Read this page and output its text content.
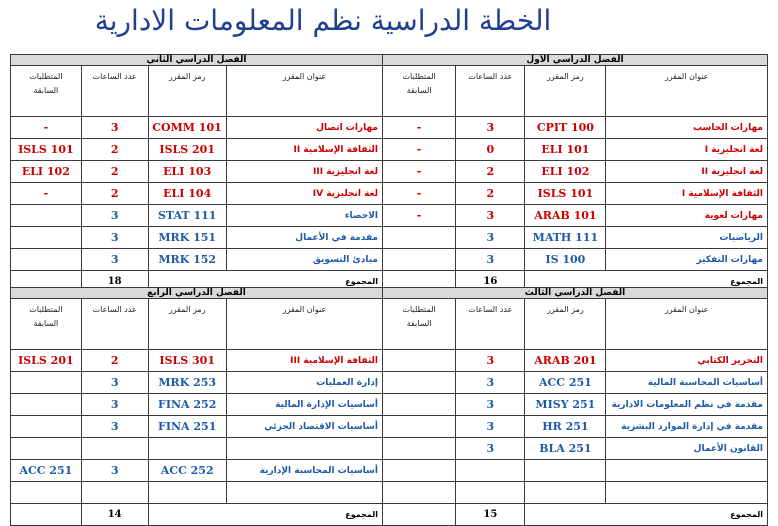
الخطة الدراسية نظم المعلومات الادارية
الفصل الدراسي الأول			
عنوان المقرر	رمز المقرر	عدد الساعات	المتطلبات
السابقة
مهارات الحاسب	CPIT 100	3	-
لغة انجليزية I	ELI 101	0	-
لغة انجليزية II	ELI 102	2	-
الثقافة الإسلامية I	ISLS 101	2	-
مهارات لغوية	ARAB 101	3	-
الرياضيات	MATH 111	3	
مهارات التفكير	IS 100	3	
المجموع		16	
الفصل الدراسي الثاني			
عنوان المقرر	رمز المقرر	عدد الساعات	المتطلبات
السابقة
مهارات اتصال	COMM 101	3	-
الثقافة الإسلامية II	ISLS 201	2	ISLS 101
لغة انجليزية III	ELI 103	2	ELI 102
لغة انجليزية IV	ELI 104	2	-
الاحصاء	STAT 111	3	
مقدمة في الأعمال	MRK 151	3	
مبادئ التسويق	MRK 152	3	
المجموع		18	
الفصل الدراسي الثالث			
عنوان المقرر	رمز المقرر	عدد الساعات	المتطلبات
السابقة
التحرير الكتابي	ARAB 201	3	
أساسيات المحاسبة المالية	ACC 251	3	
مقدمة في نظم المعلومات الادارية	MISY 251	3	
مقدمة في إدارة الموارد البشرية	HR 251	3	
القانون الأعمال	BLA 251	3	

المجموع		15	
الفصل الدراسي الرابع			
عنوان المقرر	رمز المقرر	عدد الساعات	المتطلبات
السابقة
الثقافة الإسلامية III	ISLS 301	2	ISLS 201
إدارة العمليات	MRK 253	3	
أساسيات الإدارة المالية	FINA 252	3	
أساسيات الاقتصاد الجزئي	FINA 251	3	

أساسيات المحاسبة الإدارية	ACC 252	3	ACC 251

المجموع		14	
